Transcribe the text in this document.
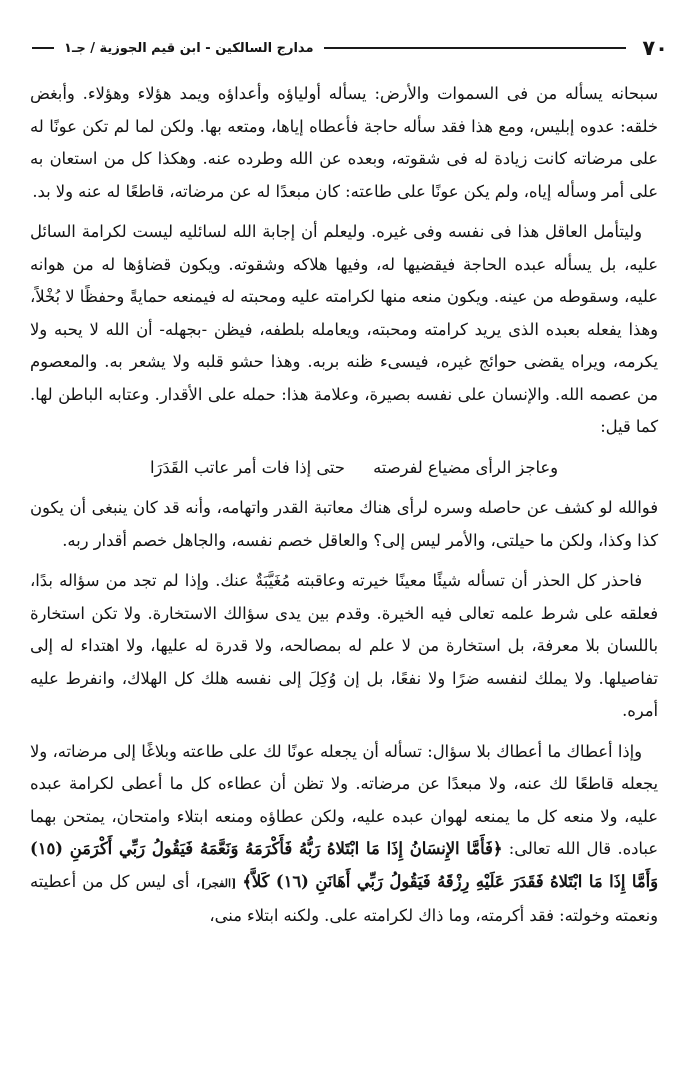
٧٠
مدارج السالكين - ابن قيم الجوزية / جـ١

سبحانه يسأله من فى السموات والأرض: يسأله أولياؤه وأعداؤه ويمد هؤلاء وهؤلاء. وأبغض خلقه: عدوه إبليس، ومع هذا فقد سأله حاجة فأعطاه إياها، ومتعه بها. ولكن لما لم تكن عونًا له على مرضاته كانت زيادة له فى شقوته، وبعده عن الله وطرده عنه. وهكذا كل من استعان به على أمر وسأله إياه، ولم يكن عونًا على طاعته: كان مبعدًا له عن مرضاته، قاطعًا له عنه ولا بد.

وليتأمل العاقل هذا فى نفسه وفى غيره. وليعلم أن إجابة الله لسائليه ليست لكرامة السائل عليه، بل يسأله عبده الحاجة فيقضيها له، وفيها هلاكه وشقوته. ويكون قضاؤها له من هوانه عليه، وسقوطه من عينه. ويكون منعه منها لكرامته عليه ومحبته له فيمنعه حمايةً وحفظًا لا بُخْلاً، وهذا يفعله بعبده الذى يريد كرامته ومحبته، ويعامله بلطفه، فيظن -بجهله- أن الله لا يحبه ولا يكرمه، ويراه يقضى حوائج غيره، فيسىء ظنه بربه. وهذا حشو قلبه ولا يشعر به. والمعصوم من عصمه الله. والإنسان على نفسه بصيرة، وعلامة هذا: حمله على الأقدار. وعتابه الباطن لها. كما قيل:

وعاجز الرأى مضياع لفرصته
حتى إذا فات أمر عاتب القَدَرَا

فوالله لو كشف عن حاصله وسره لرأى هناك معاتبة القدر واتهامه، وأنه قد كان ينبغى أن يكون كذا وكذا، ولكن ما حيلتى، والأمر ليس إلى؟ والعاقل خصم نفسه، والجاهل خصم أقدار ربه.

فاحذر كل الحذر أن تسأله شيئًا معينًا خيرته وعاقبته مُغَيَّبَةٌ عنك. وإذا لم تجد من سؤاله بدًا، فعلقه على شرط علمه تعالى فيه الخيرة. وقدم بين يدى سؤالك الاستخارة. ولا تكن استخارة باللسان بلا معرفة، بل استخارة من لا علم له بمصالحه، ولا قدرة له عليها، ولا اهتداء له إلى تفاصيلها. ولا يملك لنفسه ضرًا ولا نفعًا، بل إن وُكِلَ إلى نفسه هلك كل الهلاك، وانفرط عليه أمره.

وإذا أعطاك ما أعطاك بلا سؤال: تسأله أن يجعله عونًا لك على طاعته وبلاغًا إلى مرضاته، ولا يجعله قاطعًا لك عنه، ولا مبعدًا عن مرضاته. ولا تظن أن عطاءه كل ما أعطى لكرامة عبده عليه، ولا منعه كل ما يمنعه لهوان عبده عليه، ولكن عطاؤه ومنعه ابتلاء وامتحان، يمتحن بهما عباده. قال الله تعالى: ﴿فَأَمَّا الإِنسَانُ إِذَا مَا ابْتَلاهُ رَبُّهُ فَأَكْرَمَهُ وَنَعَّمَهُ فَيَقُولُ رَبِّي أَكْرَمَنِ (١٥) وَأَمَّا إِذَا مَا ابْتَلاهُ فَقَدَرَ عَلَيْهِ رِزْقَهُ فَيَقُولُ رَبِّي أَهَانَنِ (١٦) كَلاَّ﴾ [الفجر]، أى ليس كل من أعطيته ونعمته وخولته: فقد أكرمته، وما ذاك لكرامته على. ولكنه ابتلاء منى،
